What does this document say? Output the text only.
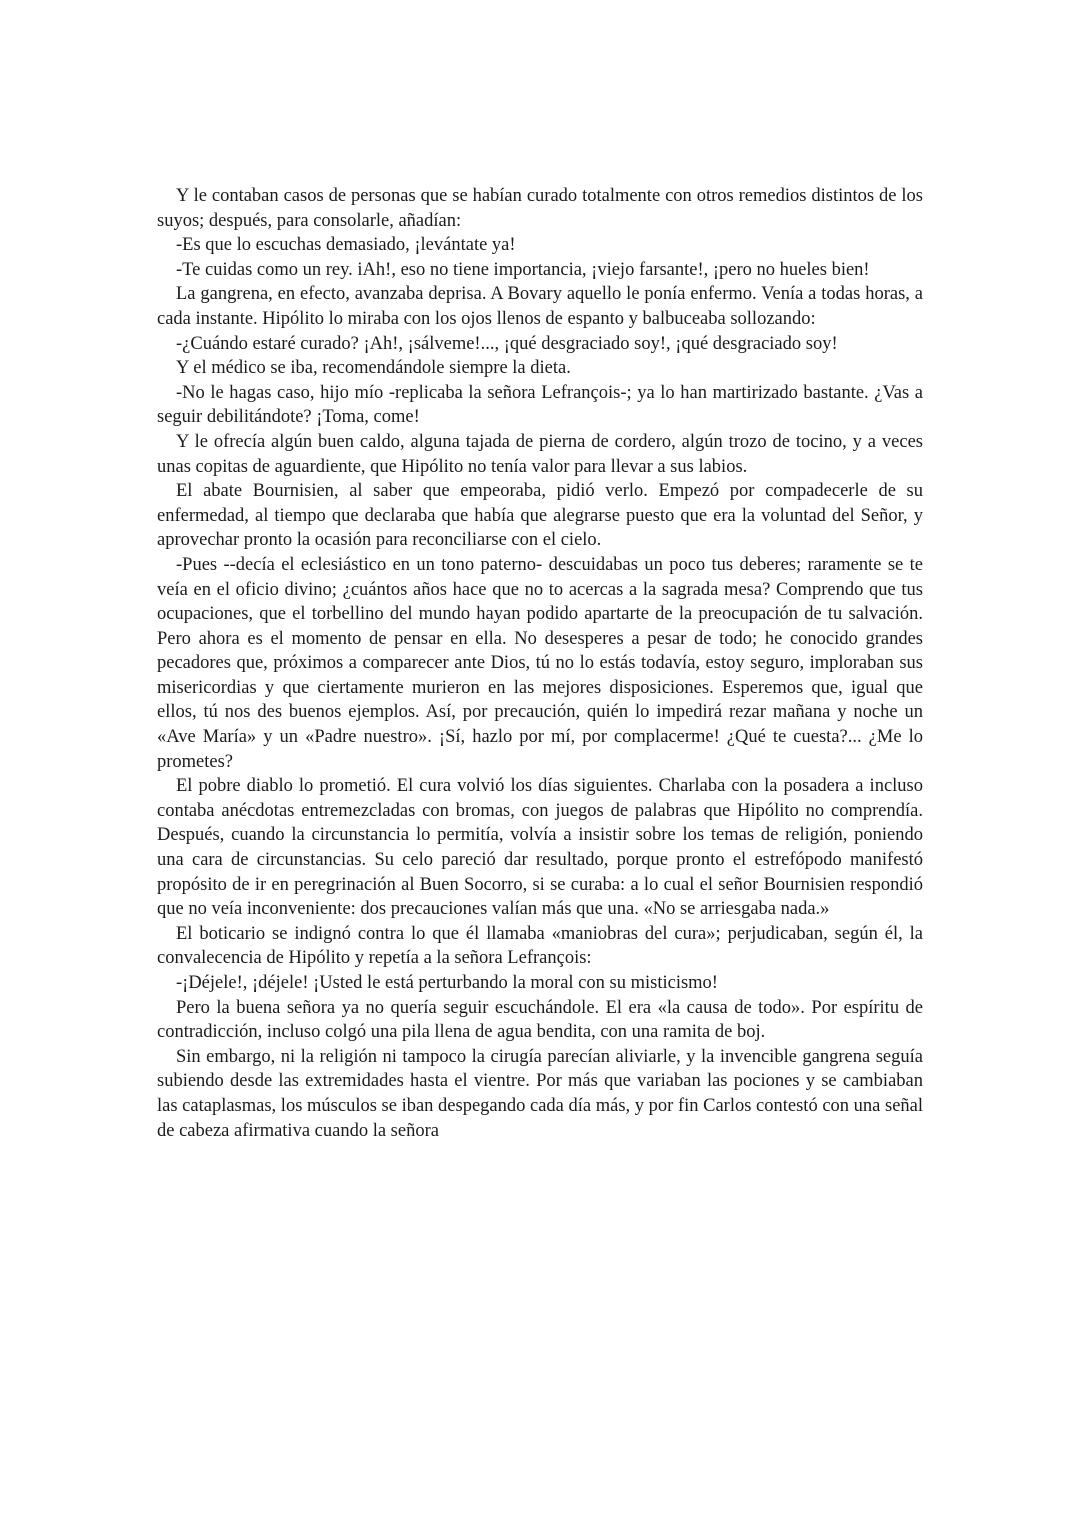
Y le contaban casos de personas que se habían curado totalmente con otros remedios distintos de los suyos; después, para consolarle, añadían:

-Es que lo escuchas demasiado, ¡levántate ya!

-Te cuidas como un rey. iAh!, eso no tiene importancia, ¡viejo farsante!, ¡pero no hueles bien!

La gangrena, en efecto, avanzaba deprisa. A Bovary aquello le ponía enfermo. Venía a todas horas, a cada instante. Hipólito lo miraba con los ojos llenos de espanto y balbuceaba sollozando:

-¿Cuándo estaré curado? ¡Ah!, ¡sálveme!..., ¡qué desgraciado soy!, ¡qué desgraciado soy!

Y el médico se iba, recomendándole siempre la dieta.

-No le hagas caso, hijo mío -replicaba la señora Lefrançois-; ya lo han martirizado bastante. ¿Vas a seguir debilitándote? ¡Toma, come!

Y le ofrecía algún buen caldo, alguna tajada de pierna de cordero, algún trozo de tocino, y a veces unas copitas de aguardiente, que Hipólito no tenía valor para llevar a sus labios.

El abate Bournisien, al saber que empeoraba, pidió verlo. Empezó por compadecerle de su enfermedad, al tiempo que declaraba que había que alegrarse puesto que era la voluntad del Señor, y aprovechar pronto la ocasión para reconciliarse con el cielo.

-Pues --decía el eclesiástico en un tono paterno- descuidabas un poco tus deberes; raramente se te veía en el oficio divino; ¿cuántos años hace que no to acercas a la sagrada mesa? Comprendo que tus ocupaciones, que el torbellino del mundo hayan podido apartarte de la preocupación de tu salvación. Pero ahora es el momento de pensar en ella. No desesperes a pesar de todo; he conocido grandes pecadores que, próximos a comparecer ante Dios, tú no lo estás todavía, estoy seguro, imploraban sus misericordias y que ciertamente murieron en las mejores disposiciones. Esperemos que, igual que ellos, tú nos des buenos ejemplos. Así, por precaución, quién lo impedirá rezar mañana y noche un «Ave María» y un «Padre nuestro». ¡Sí, hazlo por mí, por complacerme! ¿Qué te cuesta?... ¿Me lo prometes?

El pobre diablo lo prometió. El cura volvió los días siguientes. Charlaba con la posadera a incluso contaba anécdotas entremezcladas con bromas, con juegos de palabras que Hipólito no comprendía. Después, cuando la circunstancia lo permitía, volvía a insistir sobre los temas de religión, poniendo una cara de circunstancias. Su celo pareció dar resultado, porque pronto el estrefópodo manifestó propósito de ir en peregrinación al Buen Socorro, si se curaba: a lo cual el señor Bournisien respondió que no veía inconveniente: dos precauciones valían más que una. «No se arriesgaba nada.»

El boticario se indignó contra lo que él llamaba «maniobras del cura»; perjudicaban, según él, la convalecencia de Hipólito y repetía a la señora Lefrançois:

-¡Déjele!, ¡déjele! ¡Usted le está perturbando la moral con su misticismo!

Pero la buena señora ya no quería seguir escuchándole. El era «la causa de todo». Por espíritu de contradicción, incluso colgó una pila llena de agua bendita, con una ramita de boj.

Sin embargo, ni la religión ni tampoco la cirugía parecían aliviarle, y la invencible gangrena seguía subiendo desde las extremidades hasta el vientre. Por más que variaban las pociones y se cambiaban las cataplasmas, los músculos se iban despegando cada día más, y por fin Carlos contestó con una señal de cabeza afirmativa cuando la señora
